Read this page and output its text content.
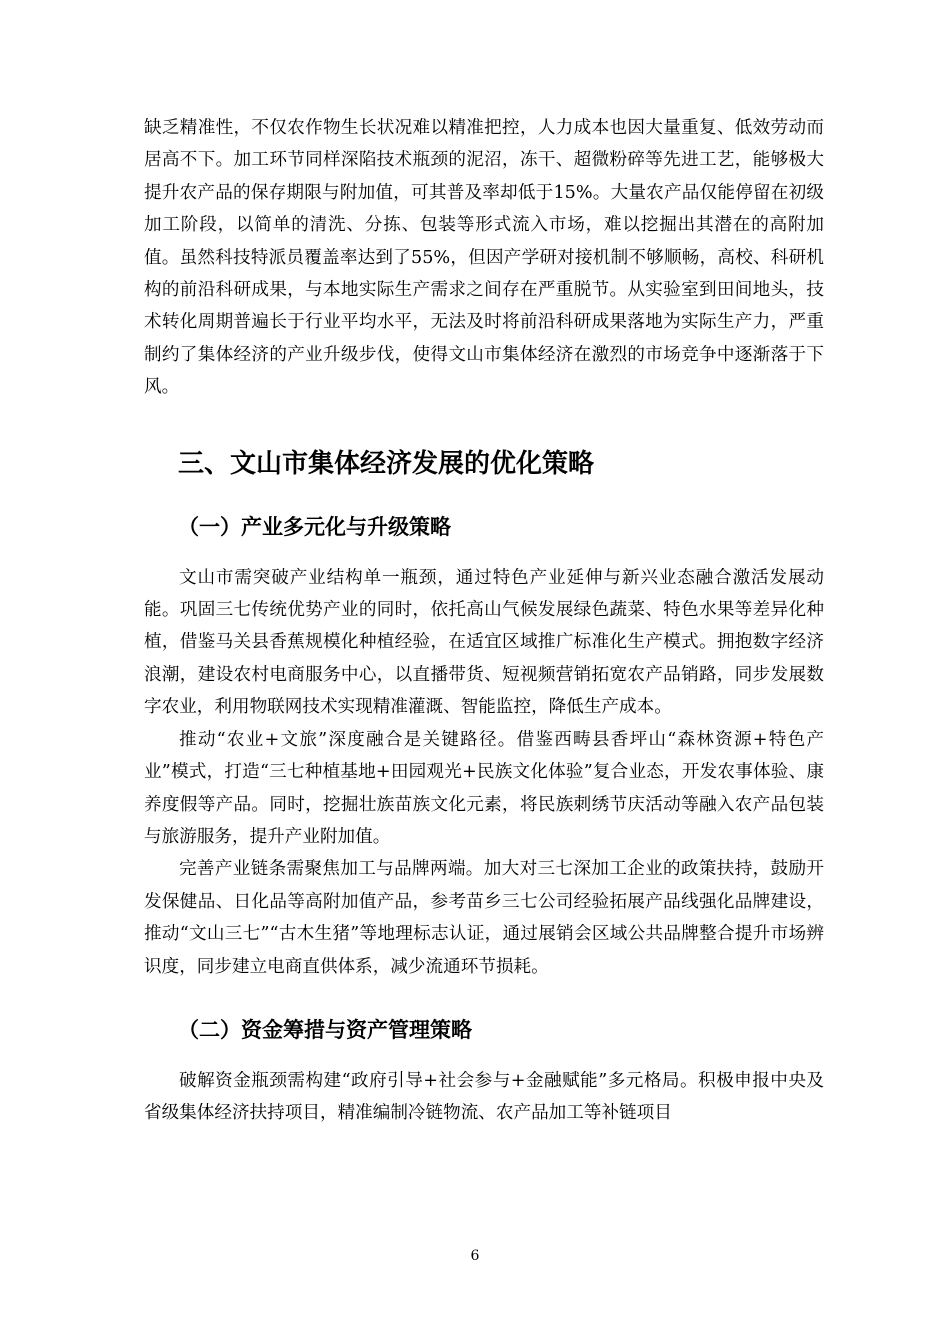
缺乏精准性，不仅农作物生长状况难以精准把控，人力成本也因大量重复、低效劳动而居高不下。加工环节同样深陷技术瓶颈的泥沼，冻干、超微粉碎等先进工艺，能够极大提升农产品的保存期限与附加值，可其普及率却低于15%。大量农产品仅能停留在初级加工阶段，以简单的清洗、分拣、包装等形式流入市场，难以挖掘出其潜在的高附加值。虽然科技特派员覆盖率达到了55%，但因产学研对接机制不够顺畅，高校、科研机构的前沿科研成果，与本地实际生产需求之间存在严重脱节。从实验室到田间地头，技术转化周期普遍长于行业平均水平，无法及时将前沿科研成果落地为实际生产力，严重制约了集体经济的产业升级步伐，使得文山市集体经济在激烈的市场竞争中逐渐落于下风。

三、文山市集体经济发展的优化策略
（一）产业多元化与升级策略

文山市需突破产业结构单一瓶颈，通过特色产业延伸与新兴业态融合激活发展动能。巩固三七传统优势产业的同时，依托高山气候发展绿色蔬菜、特色水果等差异化种植，借鉴马关县香蕉规模化种植经验，在适宜区域推广标准化生产模式。拥抱数字经济浪潮，建设农村电商服务中心，以直播带货、短视频营销拓宽农产品销路，同步发展数字农业，利用物联网技术实现精准灌溉、智能监控，降低生产成本。

推动“农业+文旅”深度融合是关键路径。借鉴西畴县香坪山“森林资源+特色产业”模式，打造“三七种植基地+田园观光+民族文化体验”复合业态，开发农事体验、康养度假等产品。同时，挖掘壮族苗族文化元素，将民族刺绣节庆活动等融入农产品包装与旅游服务，提升产业附加值。

完善产业链条需聚焦加工与品牌两端。加大对三七深加工企业的政策扶持，鼓励开发保健品、日化品等高附加值产品，参考苗乡三七公司经验拓展产品线强化品牌建设，推动“文山三七”“古木生猪”等地理标志认证，通过展销会区域公共品牌整合提升市场辨识度，同步建立电商直供体系，减少流通环节损耗。

（二）资金筹措与资产管理策略

破解资金瓶颈需构建“政府引导+社会参与+金融赋能”多元格局。积极申报中央及省级集体经济扶持项目，精准编制冷链物流、农产品加工等补链项目

6
